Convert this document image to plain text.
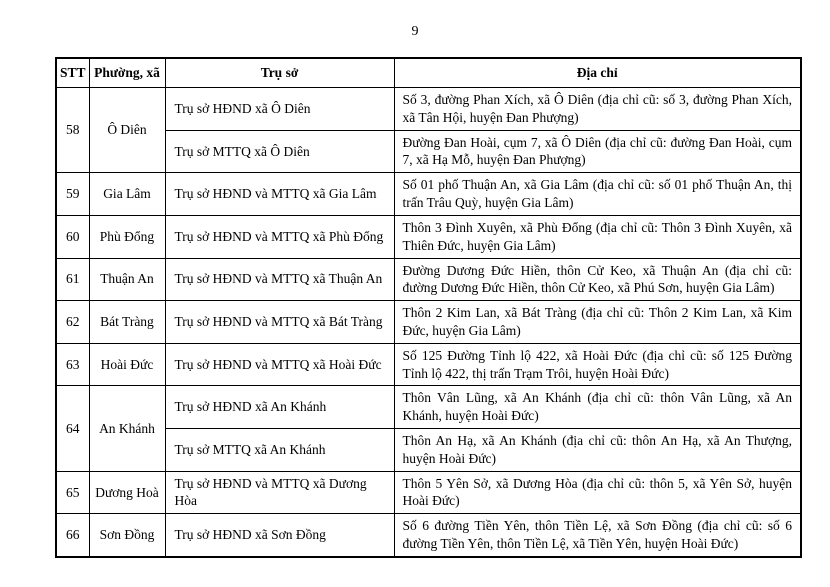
9
STT	Phường, xã	Trụ sở	Địa chỉ
58	Ô Diên	Trụ sở HĐND xã Ô Diên	Số 3, đường Phan Xích, xã Ô Diên (địa chỉ cũ: số 3, đường Phan Xích, xã Tân Hội, huyện Đan Phượng)
		Trụ sở MTTQ xã Ô Diên	Đường Đan Hoài, cụm 7, xã Ô Diên (địa chỉ cũ: đường Đan Hoài, cụm 7, xã Hạ Mỗ, huyện Đan Phượng)
59	Gia Lâm	Trụ sở HĐND và MTTQ xã Gia Lâm	Số 01 phố Thuận An, xã Gia Lâm (địa chỉ cũ: số 01 phố Thuận An, thị trấn Trâu Quỳ, huyện Gia Lâm)
60	Phù Đổng	Trụ sở HĐND và MTTQ xã Phù Đổng	Thôn 3 Đình Xuyên, xã Phù Đổng (địa chỉ cũ: Thôn 3 Đình Xuyên, xã Thiên Đức, huyện Gia Lâm)
61	Thuận An	Trụ sở HĐND và MTTQ xã Thuận An	Đường Dương Đức Hiền, thôn Cử Keo, xã Thuận An (địa chỉ cũ: đường Dương Đức Hiền, thôn Cử Keo, xã Phú Sơn, huyện Gia Lâm)
62	Bát Tràng	Trụ sở HĐND và MTTQ xã Bát Tràng	Thôn 2 Kim Lan, xã Bát Tràng (địa chỉ cũ: Thôn 2 Kim Lan, xã Kim Đức, huyện Gia Lâm)
63	Hoài Đức	Trụ sở HĐND và MTTQ xã Hoài Đức	Số 125 Đường Tỉnh lộ 422, xã Hoài Đức (địa chỉ cũ: số 125 Đường Tỉnh lộ 422, thị trấn Trạm Trôi, huyện Hoài Đức)
64	An Khánh	Trụ sở HĐND xã An Khánh	Thôn Vân Lũng, xã An Khánh (địa chỉ cũ: thôn Vân Lũng, xã An Khánh, huyện Hoài Đức)
		Trụ sở MTTQ xã An Khánh	Thôn An Hạ, xã An Khánh (địa chỉ cũ: thôn An Hạ, xã An Thượng, huyện Hoài Đức)
65	Dương Hoà	Trụ sở HĐND và MTTQ xã Dương Hòa	Thôn 5 Yên Sở, xã Dương Hòa (địa chỉ cũ: thôn 5, xã Yên Sở, huyện Hoài Đức)
66	Sơn Đồng	Trụ sở HĐND xã Sơn Đồng	Số 6 đường Tiền Yên, thôn Tiền Lệ, xã Sơn Đồng (địa chỉ cũ: số 6 đường Tiền Yên, thôn Tiền Lệ, xã Tiền Yên, huyện Hoài Đức)
